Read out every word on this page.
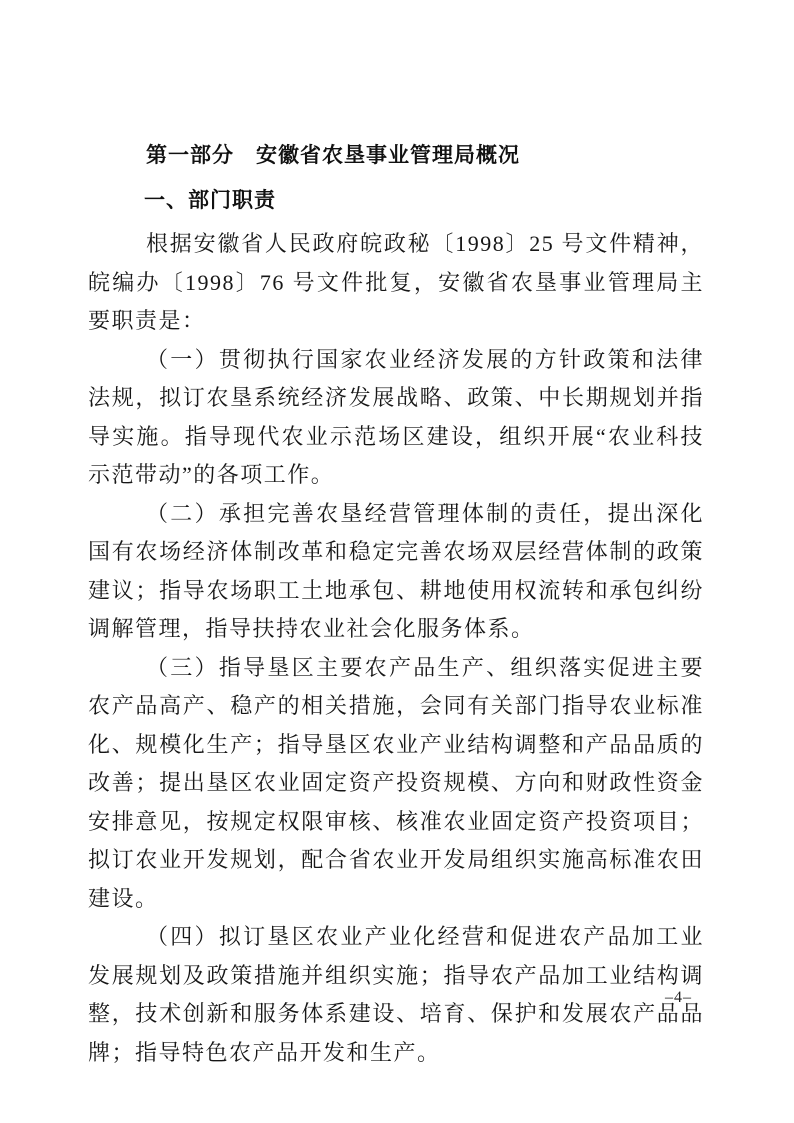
第一部分　安徽省农垦事业管理局概况
一、部门职责

根据安徽省人民政府皖政秘〔1998〕25 号文件精神，皖编办〔1998〕76 号文件批复，安徽省农垦事业管理局主要职责是：

（一）贯彻执行国家农业经济发展的方针政策和法律法规，拟订农垦系统经济发展战略、政策、中长期规划并指导实施。指导现代农业示范场区建设，组织开展“农业科技示范带动”的各项工作。

（二）承担完善农垦经营管理体制的责任，提出深化国有农场经济体制改革和稳定完善农场双层经营体制的政策建议；指导农场职工土地承包、耕地使用权流转和承包纠纷调解管理，指导扶持农业社会化服务体系。

（三）指导垦区主要农产品生产、组织落实促进主要农产品高产、稳产的相关措施，会同有关部门指导农业标准化、规模化生产；指导垦区农业产业结构调整和产品品质的改善；提出垦区农业固定资产投资规模、方向和财政性资金安排意见，按规定权限审核、核准农业固定资产投资项目；拟订农业开发规划，配合省农业开发局组织实施高标准农田建设。

（四）拟订垦区农业产业化经营和促进农产品加工业发展规划及政策措施并组织实施；指导农产品加工业结构调整，技术创新和服务体系建设、培育、保护和发展农产品品牌；指导特色农产品开发和生产。

–4–
